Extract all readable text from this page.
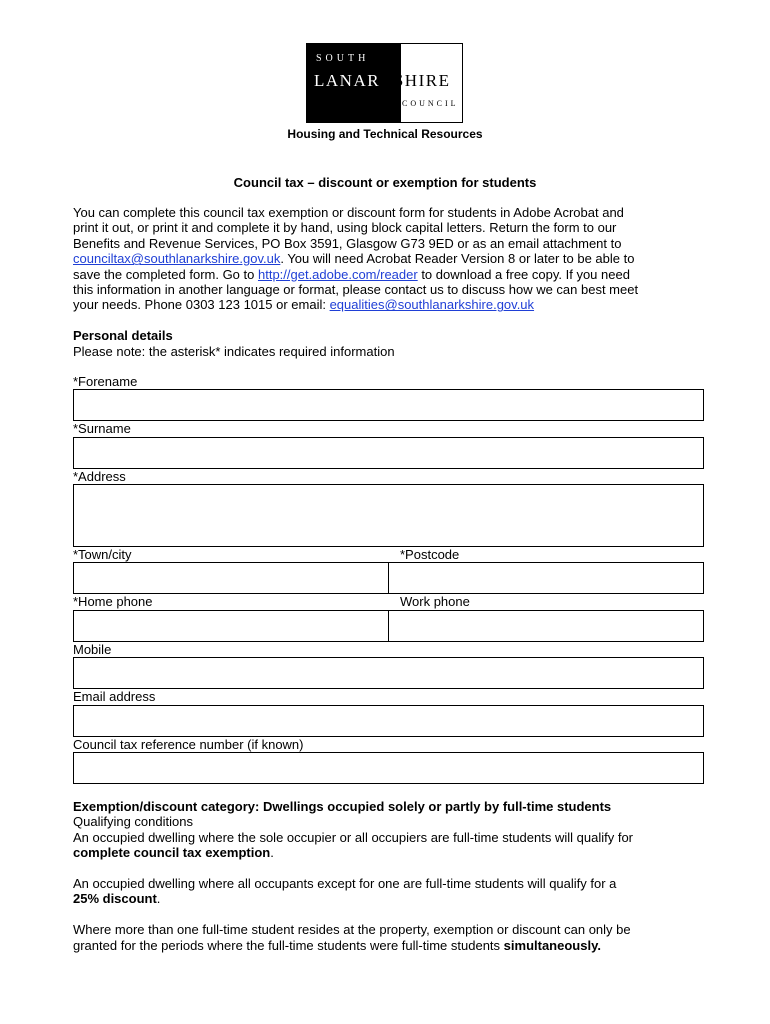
SOUTH
LANARKSHIRE
COUNCIL
Housing and Technical Resources
Council tax – discount or exemption for students
You can complete this council tax exemption or discount form for students in Adobe Acrobat and
print it out, or print it and complete it by hand, using block capital letters. Return the form to our
Benefits and Revenue Services, PO Box 3591, Glasgow G73 9ED or as an email attachment to
counciltax@southlanarkshire.gov.uk. You will need Acrobat Reader Version 8 or later to be able to
save the completed form. Go to http://get.adobe.com/reader to download a free copy. If you need
this information in another language or format, please contact us to discuss how we can best meet
your needs. Phone 0303 123 1015 or email: equalities@southlanarkshire.gov.uk
Personal details
Please note: the asterisk* indicates required information
*Forename
*Surname
*Address
*Town/city	*Postcode
*Home phone	Work phone
Mobile
Email address
Council tax reference number (if known)
Exemption/discount category: Dwellings occupied solely or partly by full-time students
Qualifying conditions
An occupied dwelling where the sole occupier or all occupiers are full-time students will qualify for
complete council tax exemption.
An occupied dwelling where all occupants except for one are full-time students will qualify for a
25% discount.
Where more than one full-time student resides at the property, exemption or discount can only be
granted for the periods where the full-time students were full-time students simultaneously.
